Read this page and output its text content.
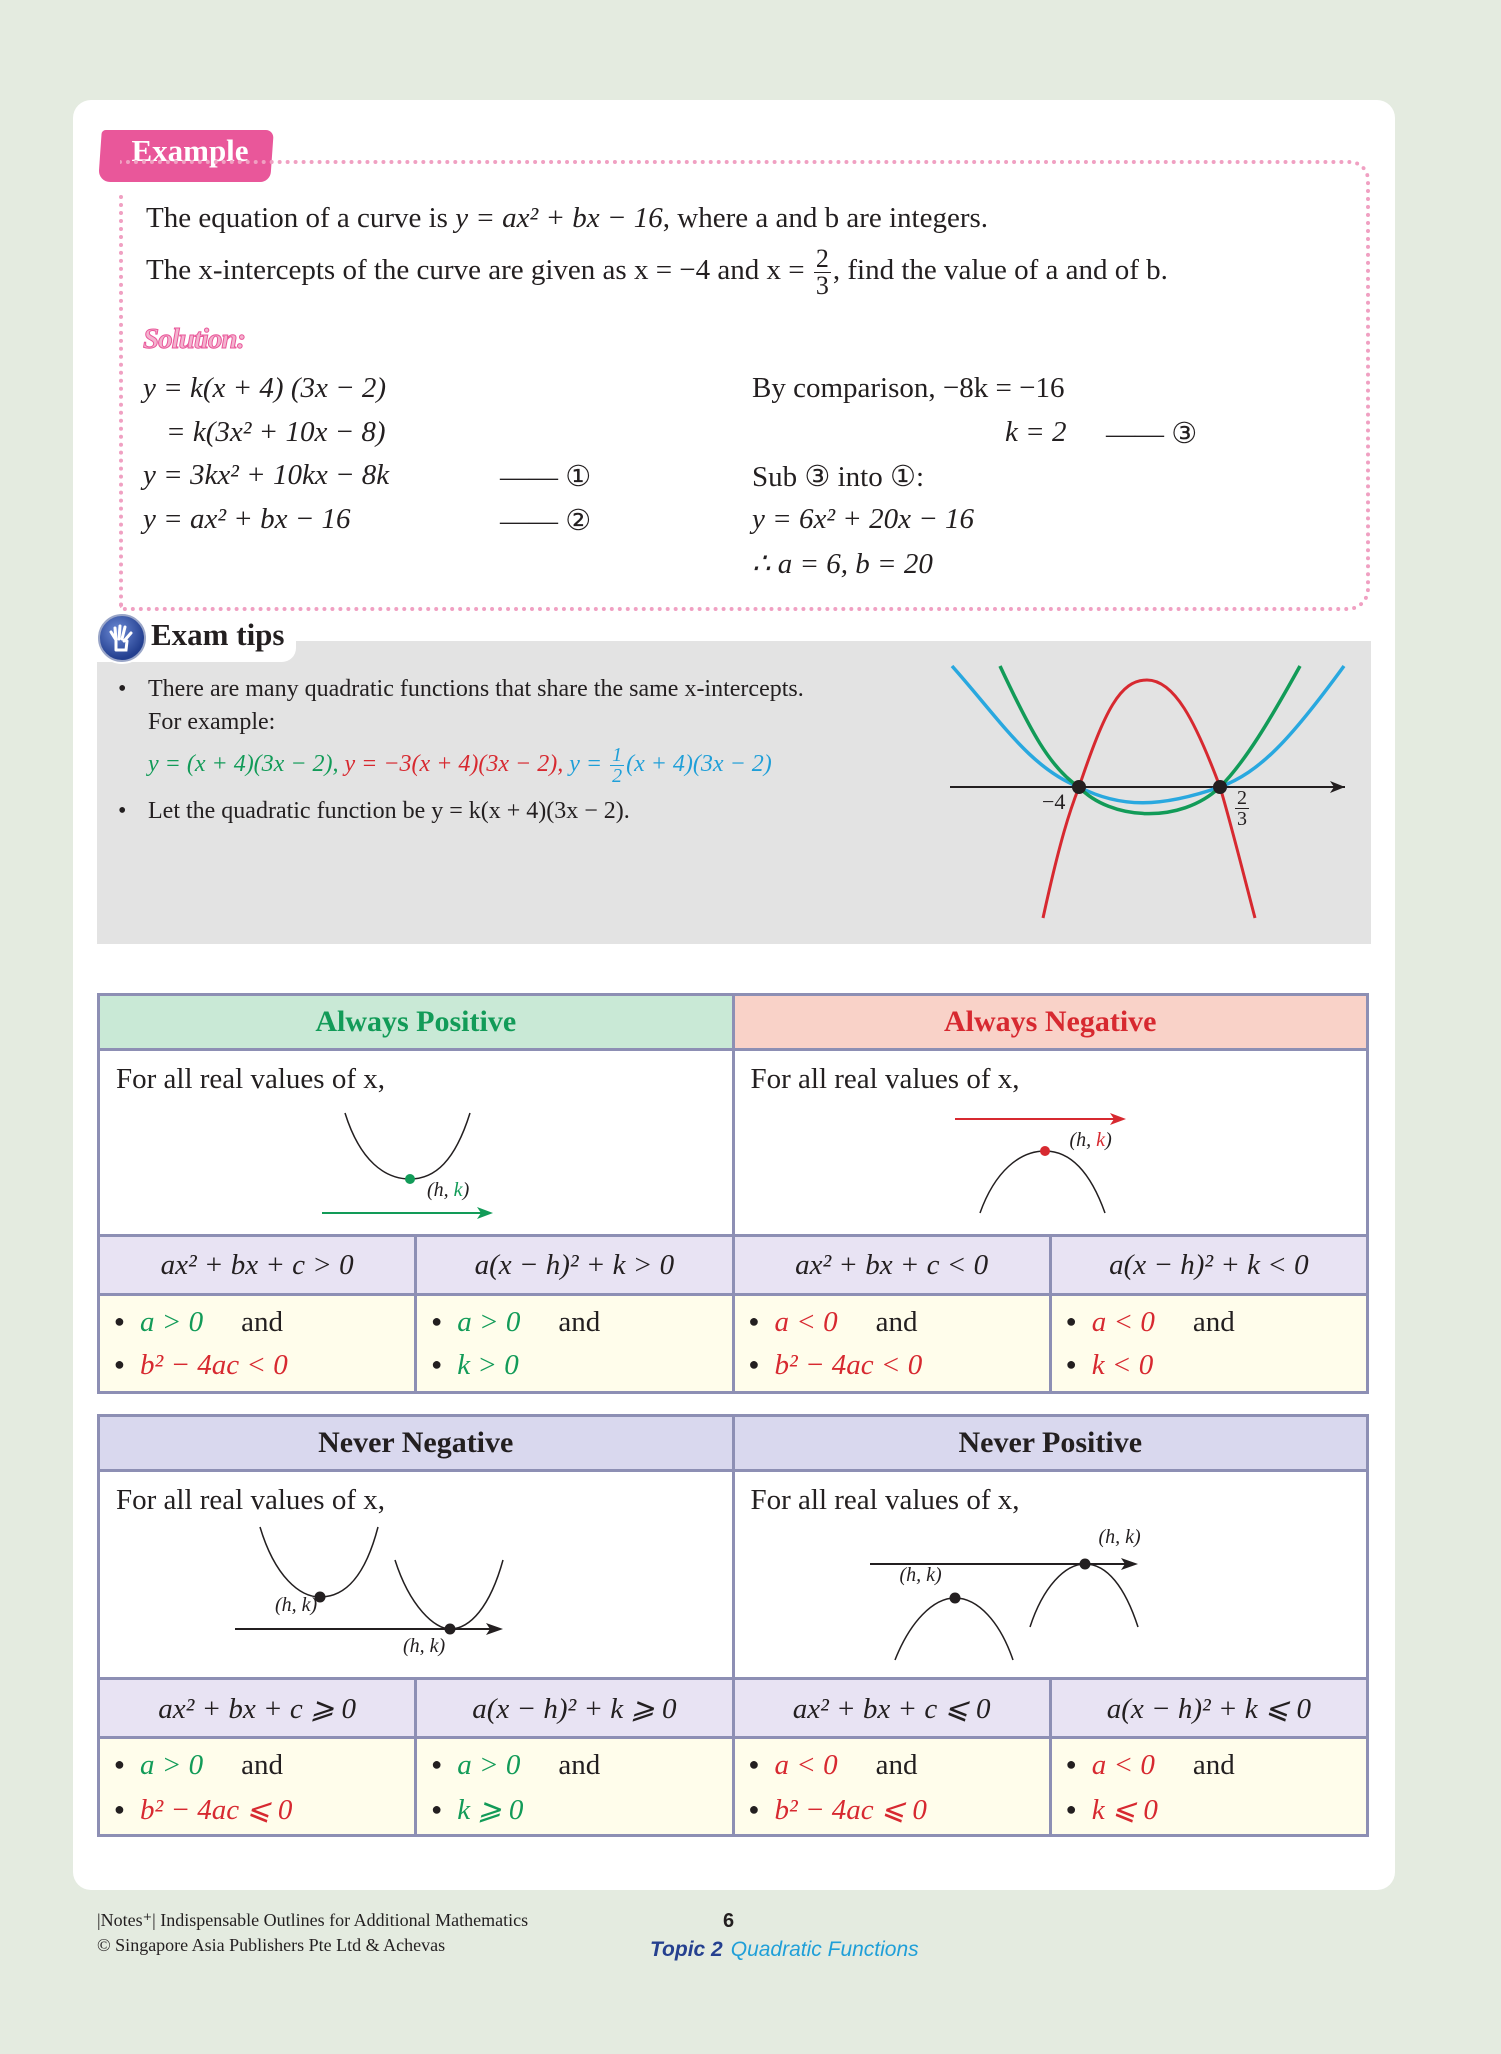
Example
The equation of a curve is y = ax² + bx − 16, where a and b are integers.
The x-intercepts of the curve are given as x = −4 and $x = \frac{2}{3}$ , find the value of a and of b.
Solution:
y = k(x + 4) (3x − 2)
= k(3x² + 10x − 8)
y = 3kx² + 10kx − 8k
y = ax² + bx − 16
—— ①
—— ②
By comparison, −8k = −16
k = 2 —— ③
Sub ③ into ①:
y = 6x² + 20x − 16
∴ a = 6, b = 20
Exam tips
• There are many quadratic functions that share the same x-intercepts.
For example:
y = (x + 4)(3x − 2), y = −3(x + 4)(3x − 2), $y = \frac{1}{2} (x + 4)(3x - 2)$
• Let the quadratic function be y = k(x + 4)(3x − 2).	−4	$\frac{2}{3}$
Always Positive	Always Negative
For all real values of x,
(h, k)
For all real values of x,
(h, k)
ax² + bx + c > 0	a(x − h)² + k > 0	ax² + bx + c < 0	a(x − h)² + k < 0
● a > 0 and
● b² − 4ac < 0
● a > 0 and
● k > 0
● a < 0 and
● b² − 4ac < 0
● a < 0 and
● k < 0
Never Negative	Never Positive
For all real values of x,
(h, k)
(h, k)
For all real values of x,
(h, k)
(h, k)
ax² + bx + c ⩾ 0	a(x − h)² + k ⩾ 0	ax² + bx + c ⩽ 0	a(x − h)² + k ⩽ 0
● a > 0 and
● b² − 4ac ⩽ 0
● a > 0 and
● k ⩾ 0
● a < 0 and
● b² − 4ac ⩽ 0
● a < 0 and
● k ⩽ 0
|Notes⁺| Indispensable Outlines for Additional Mathematics
© Singapore Asia Publishers Pte Ltd & Achevas
6
Topic 2 Quadratic Functions
